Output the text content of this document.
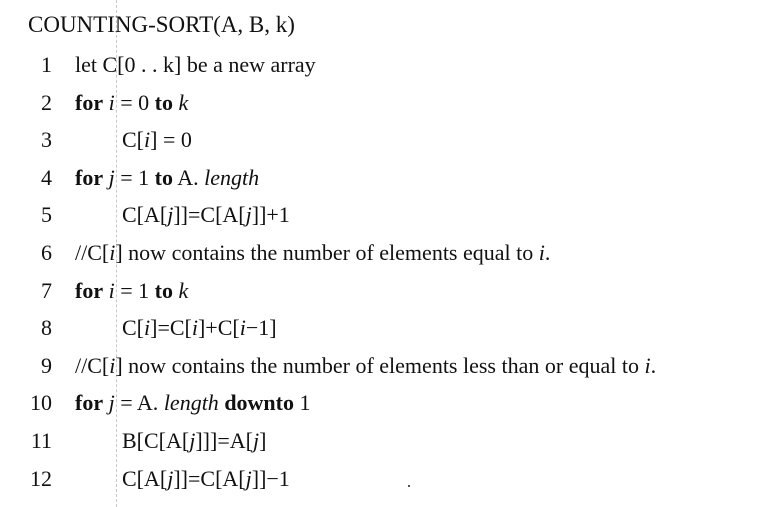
COUNTING-SORT(A, B, k)
1 let C[0 . . k] be a new array
2 for i = 0 to k
3	C[i] = 0
4 for j = 1 to A. length
5	C[A[j]]=C[A[j]]+1
6 //C[i] now contains the number of elements equal to i.
7 for i = 1 to k
8	C[i]=C[i]+C[i−1]
9 //C[i] now contains the number of elements less than or equal to i.
10 for j = A. length downto 1
11	B[C[A[j]]]=A[j]
12	C[A[j]]=C[A[j]]−1
